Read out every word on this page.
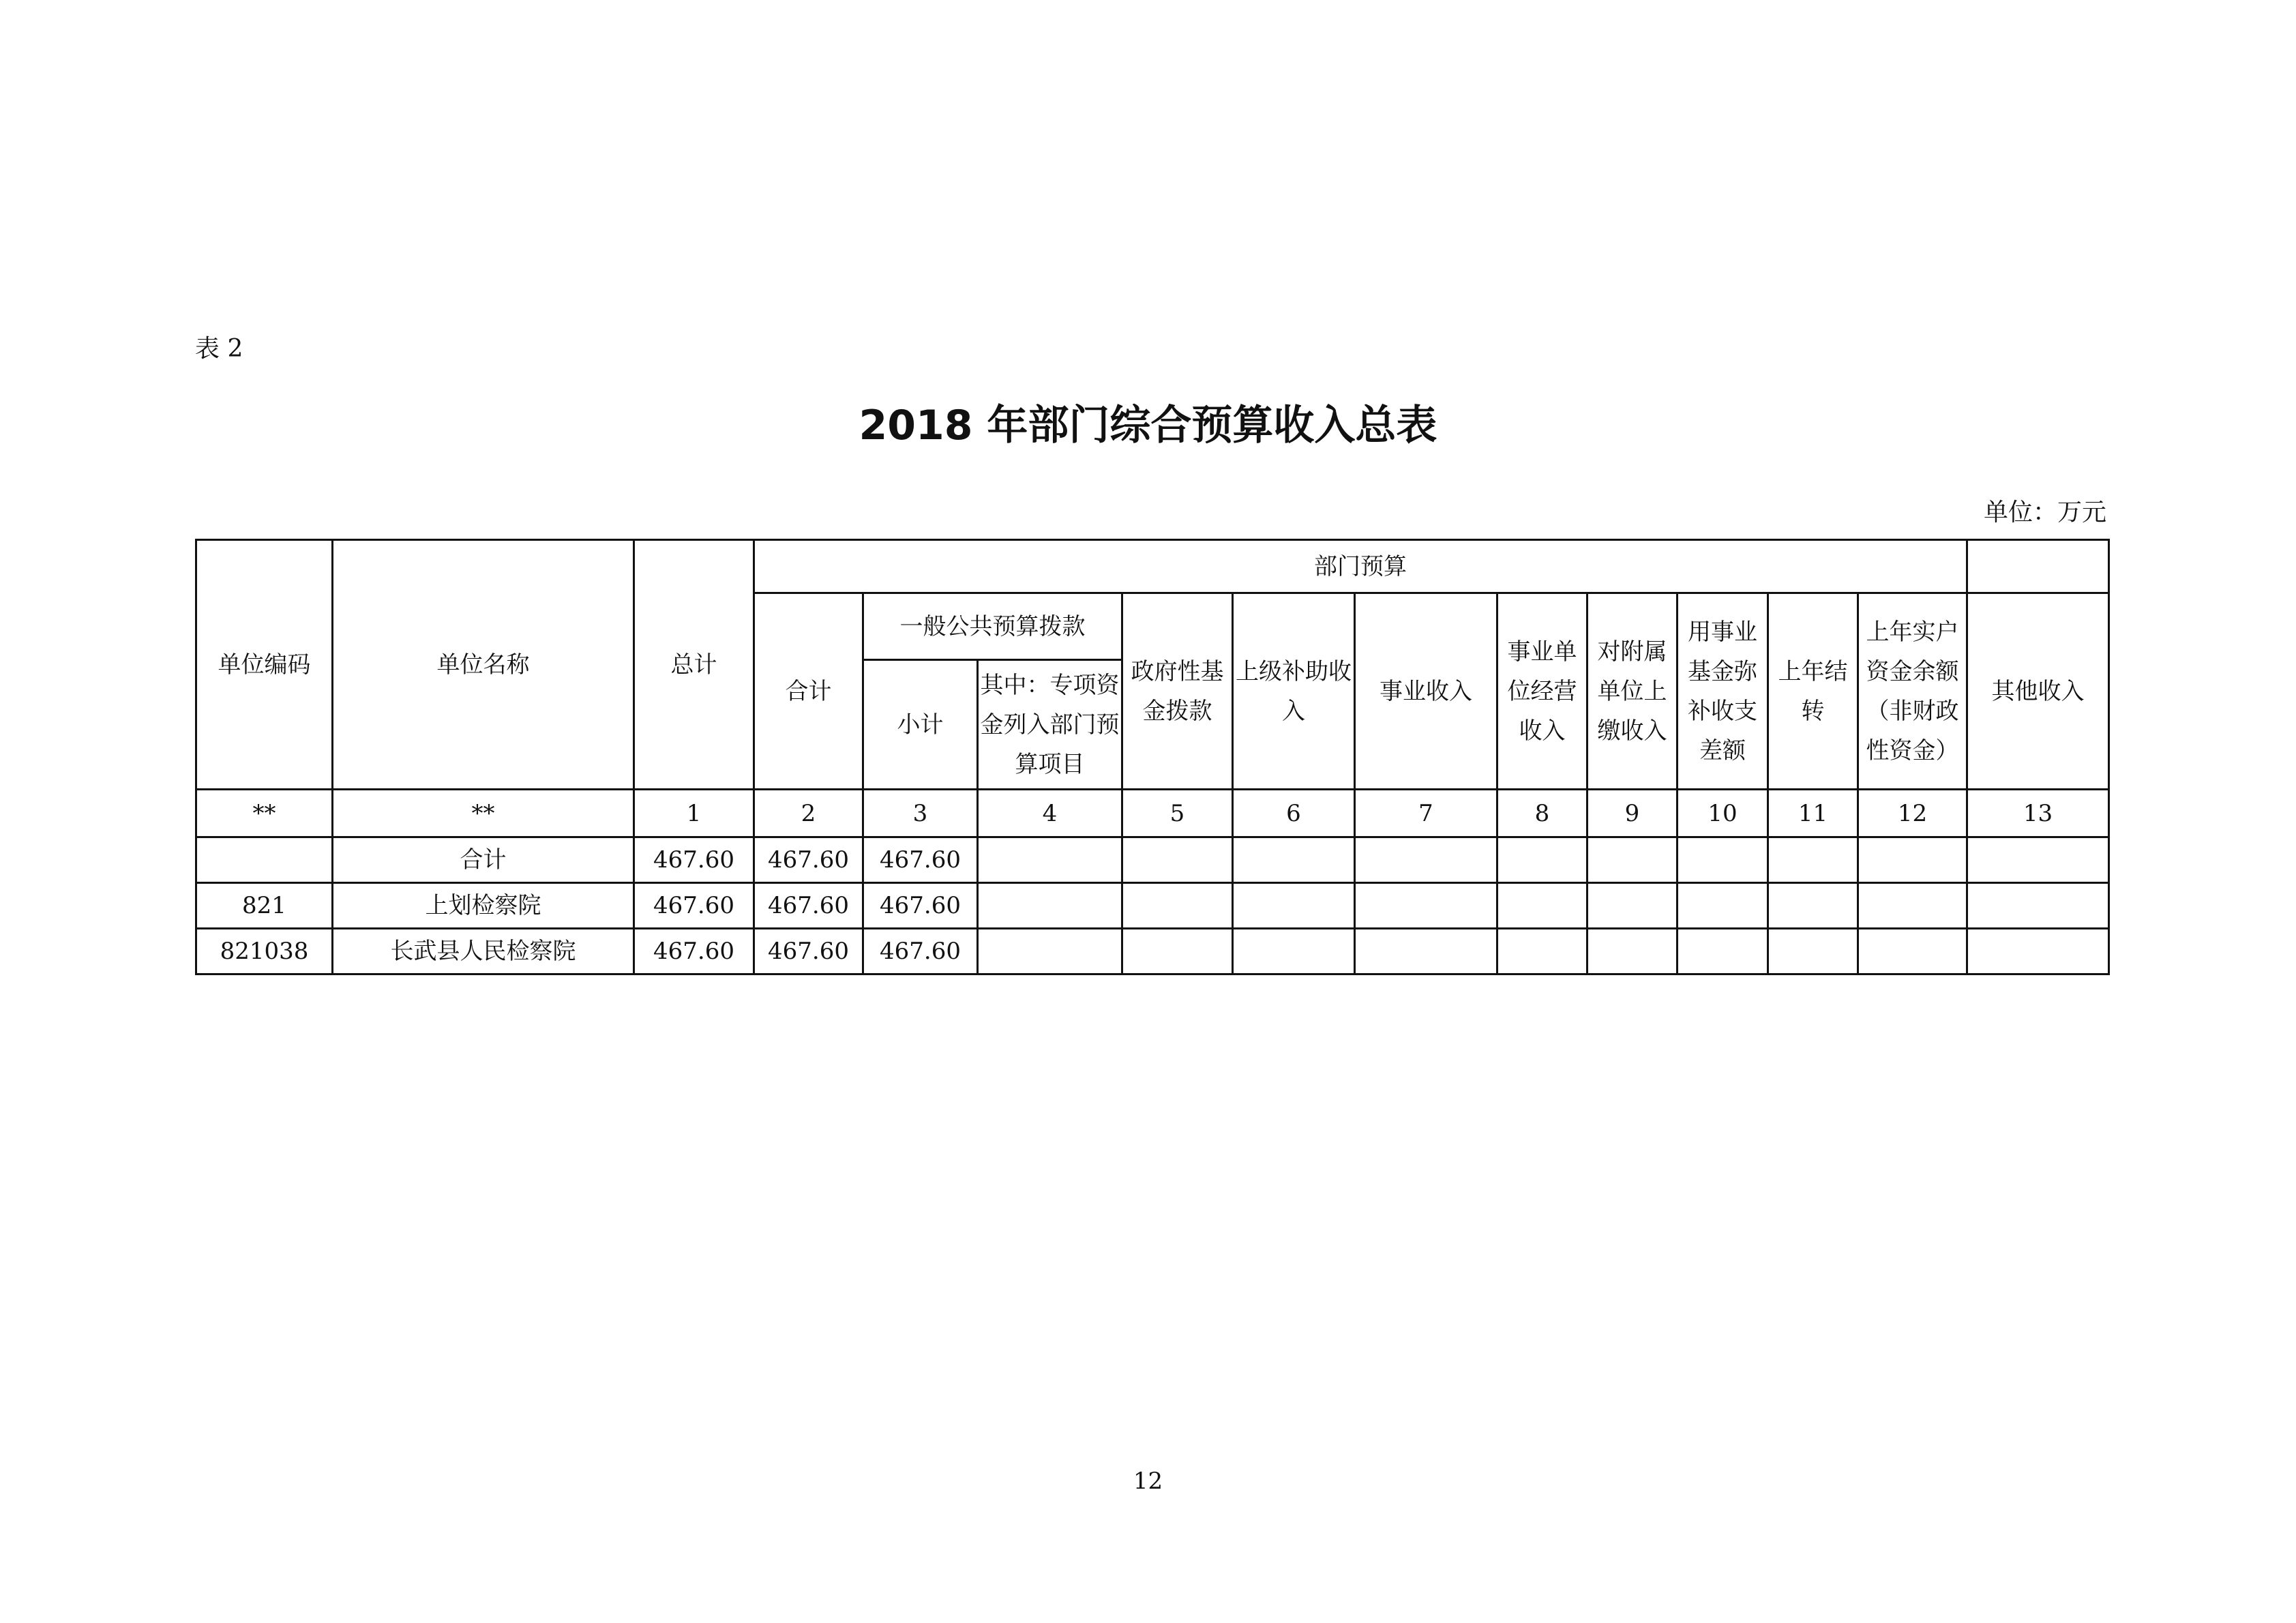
表 2
2018 年部门综合预算收入总表
单位：万元
单位编码	单位名称	总计	部门预算											
			合计	一般公共预算拨款		政府性基金拨款	上级补助收入	事业收入	事业单位经营收入	对附属单位上缴收入	用事业基金弥补收支差额	上年结转	上年实户资金余额（非财政性资金）	其他收入
				小计	其中：专项资金列入部门预算项目									
**	**	1	2	3	4	5	6	7	8	9	10	11	12	13
	合计	467.60	467.60	467.60										
821	上划检察院	467.60	467.60	467.60										
821038	长武县人民检察院	467.60	467.60	467.60										
12
